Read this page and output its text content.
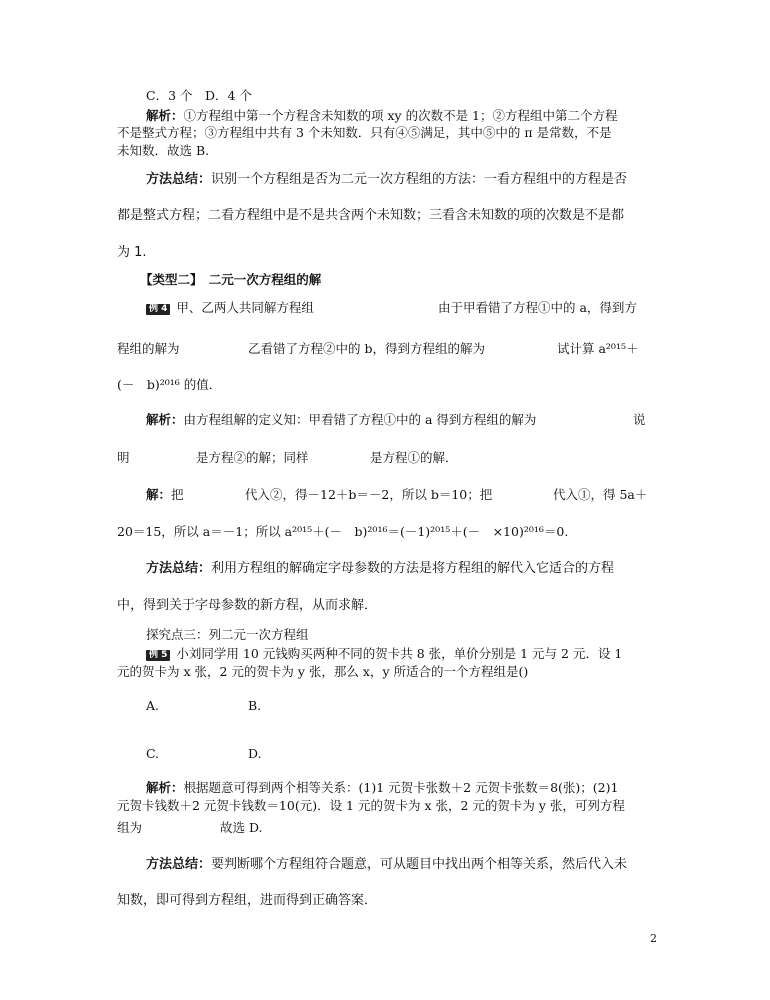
C．3 个　D．4 个
解析：①方程组中第一个方程含未知数的项 xy 的次数不是 1；②方程组中第二个方程
不是整式方程；③方程组中共有 3 个未知数．只有④⑤满足，其中⑤中的 π 是常数，不是
未知数．故选 B.
方法总结：识别一个方程组是否为二元一次方程组的方法：一看方程组中的方程是否
都是整式方程；二看方程组中是不是共含两个未知数；三看含未知数的项的次数是不是都
为 1.
【类型二】　二元一次方程组的解
例 4 甲、乙两人共同解方程组	由于甲看错了方程①中的 a，得到方
程组的解为	乙看错了方程②中的 b，得到方程组的解为	试计算 a²⁰¹⁵＋
(－　b)²⁰¹⁶ 的值．
解析：由方程组解的定义知：甲看错了方程①中的 a 得到方程组的解为	说
明	是方程②的解；同样	是方程①的解．
解：把	代入②，得－12＋b＝－2，所以 b＝10；把	代入①，得 5a＋
20＝15，所以 a＝－1；所以 a²⁰¹⁵＋(－　b)²⁰¹⁶＝(－1)²⁰¹⁵＋(－　×10)²⁰¹⁶＝0.
方法总结：利用方程组的解确定字母参数的方法是将方程组的解代入它适合的方程
中，得到关于字母参数的新方程，从而求解．
探究点三：列二元一次方程组
例 5 小刘同学用 10 元钱购买两种不同的贺卡共 8 张，单价分别是 1 元与 2 元．设 1
元的贺卡为 x 张，2 元的贺卡为 y 张，那么 x，y 所适合的一个方程组是()
A.	B.
C.	D.
解析：根据题意可得到两个相等关系：(1)1 元贺卡张数＋2 元贺卡张数＝8(张)；(2)1
元贺卡钱数＋2 元贺卡钱数＝10(元)．设 1 元的贺卡为 x 张，2 元的贺卡为 y 张，可列方程
组为	故选 D.
方法总结：要判断哪个方程组符合题意，可从题目中找出两个相等关系，然后代入未
知数，即可得到方程组，进而得到正确答案．
2
